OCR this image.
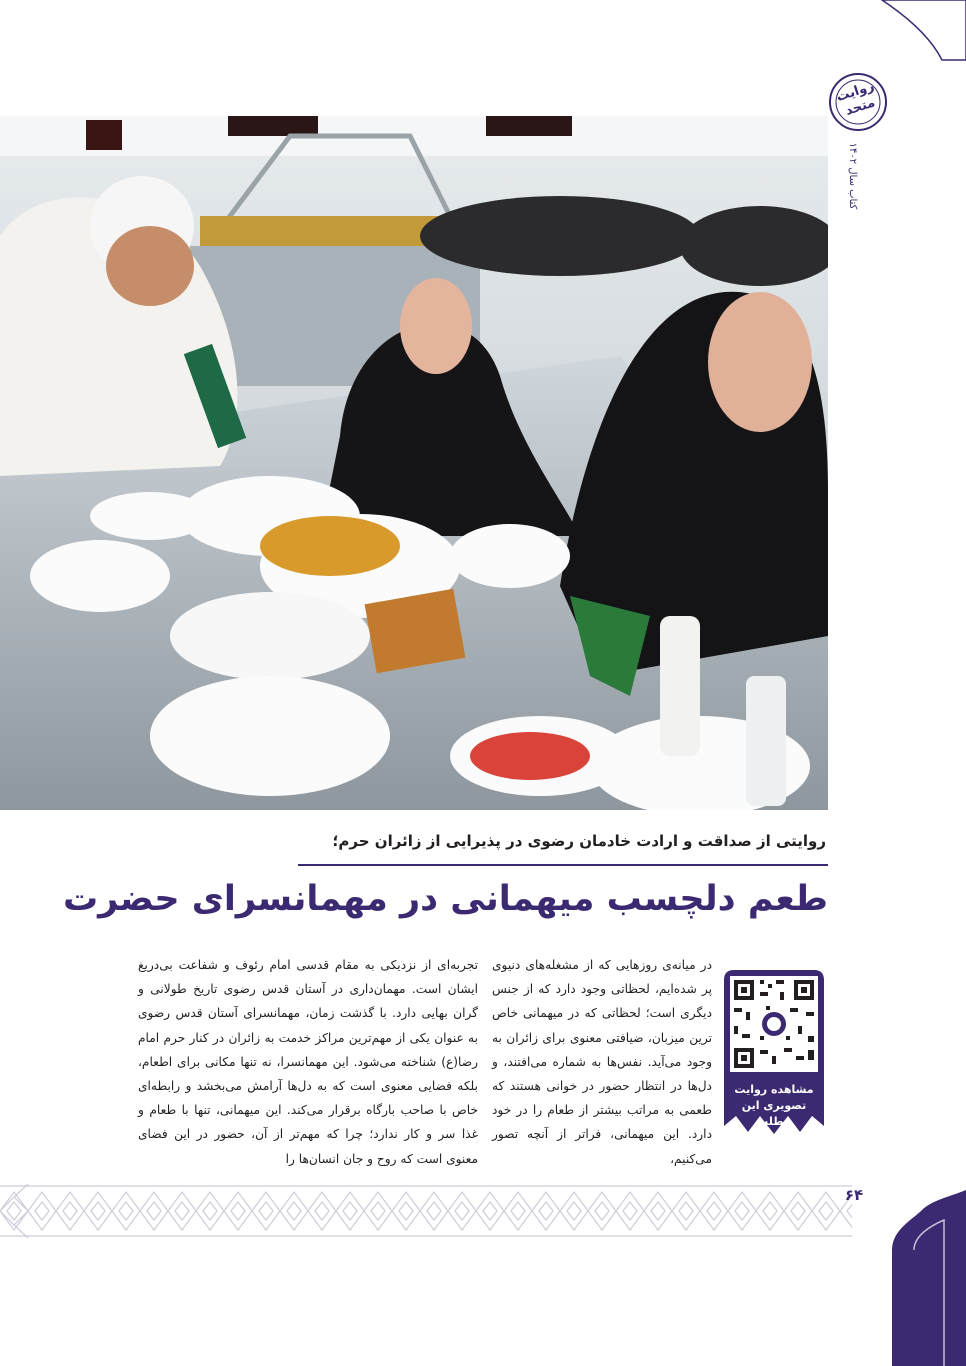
روایت متحد
کتاب سال ۱۴۰۲
روایتی از صداقت و ارادت خادمان رضوی در پذیرایی از زائران حرم؛
طعم دلچسب میهمانی در مهمانسرای حضرت

در میانه‌ی روزهایی که از مشغله‌های دنیوی پر شده‌ایم، لحظاتی وجود دارد که از جنس دیگری است؛ لحظاتی که در میهمانی خاص ترین میزبان، ضیافتی معنوی برای زائران به وجود می‌آید. نفس‌ها به شماره می‌افتند، و دل‌ها در انتظار حضور در خوانی هستند که طعمی به مراتب بیشتر از طعام را در خود دارد. این میهمانی، فراتر از آنچه تصور می‌کنیم،

تجربه‌ای از نزدیکی به مقام قدسی امام رئوف و شفاعت بی‌دریغ ایشان است. مهمان‌داری در آستان قدس رضوی تاریخ طولانی و گران بهایی دارد. با گذشت زمان، مهمانسرای آستان قدس رضوی به عنوان یکی از مهم‌ترین مراکز خدمت به زائران در کنار حرم امام رضا(ع) شناخته می‌شود. این مهمانسرا، نه تنها مکانی برای اطعام، بلکه فضایی معنوی است که به دل‌ها آرامش می‌بخشد و رابطه‌ای خاص با صاحب بارگاه برقرار می‌کند. این میهمانی، تنها با طعام و غذا سر و کار ندارد؛ چرا که مهم‌تر از آن، حضور در این فضای معنوی است که روح و جان انسان‌ها را

مشاهده روایت تصویری این مطلب
۶۴
